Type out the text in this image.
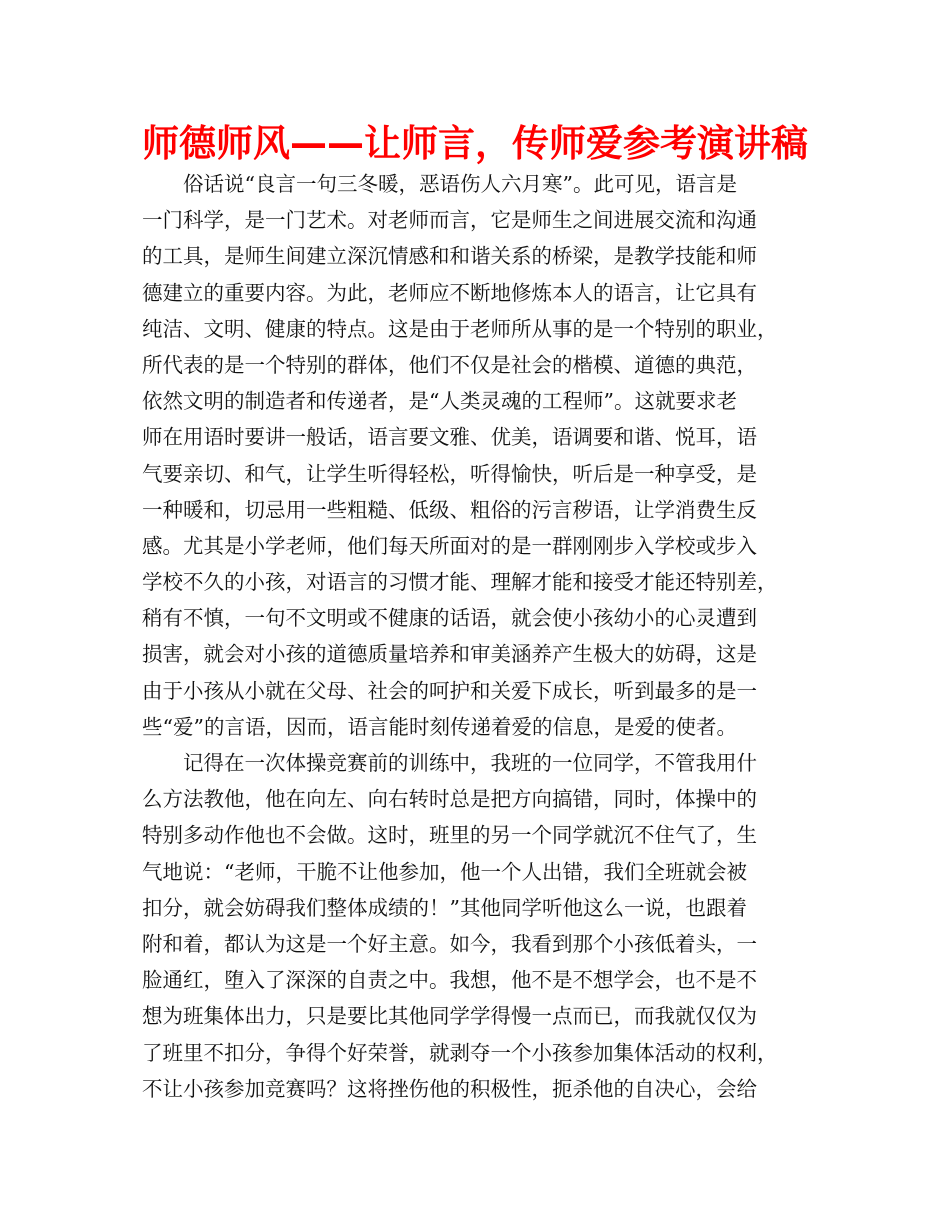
师德师风——让师言，传师爱参考演讲稿
俗话说“良言一句三冬暖，恶语伤人六月寒”。此可见，语言是
一门科学，是一门艺术。对老师而言，它是师生之间进展交流和沟通
的工具，是师生间建立深沉情感和和谐关系的桥梁，是教学技能和师
德建立的重要内容。为此，老师应不断地修炼本人的语言，让它具有
纯洁、文明、健康的特点。这是由于老师所从事的是一个特别的职业，
所代表的是一个特别的群体，他们不仅是社会的楷模、道德的典范，
依然文明的制造者和传递者，是“人类灵魂的工程师”。这就要求老
师在用语时要讲一般话，语言要文雅、优美，语调要和谐、悦耳，语
气要亲切、和气，让学生听得轻松，听得愉快，听后是一种享受，是
一种暖和，切忌用一些粗糙、低级、粗俗的污言秽语，让学消费生反
感。尤其是小学老师，他们每天所面对的是一群刚刚步入学校或步入
学校不久的小孩，对语言的习惯才能、理解才能和接受才能还特别差，
稍有不慎，一句不文明或不健康的话语，就会使小孩幼小的心灵遭到
损害，就会对小孩的道德质量培养和审美涵养产生极大的妨碍，这是
由于小孩从小就在父母、社会的呵护和关爱下成长，听到最多的是一
些“爱”的言语，因而，语言能时刻传递着爱的信息，是爱的使者。
记得在一次体操竞赛前的训练中，我班的一位同学，不管我用什
么方法教他，他在向左、向右转时总是把方向搞错，同时，体操中的
特别多动作他也不会做。这时，班里的另一个同学就沉不住气了，生
气地说：“老师，干脆不让他参加，他一个人出错，我们全班就会被
扣分，就会妨碍我们整体成绩的！”其他同学听他这么一说，也跟着
附和着，都认为这是一个好主意。如今，我看到那个小孩低着头，一
脸通红，堕入了深深的自责之中。我想，他不是不想学会，也不是不
想为班集体出力，只是要比其他同学学得慢一点而已，而我就仅仅为
了班里不扣分，争得个好荣誉，就剥夺一个小孩参加集体活动的权利，
不让小孩参加竞赛吗？这将挫伤他的积极性，扼杀他的自决心，会给
